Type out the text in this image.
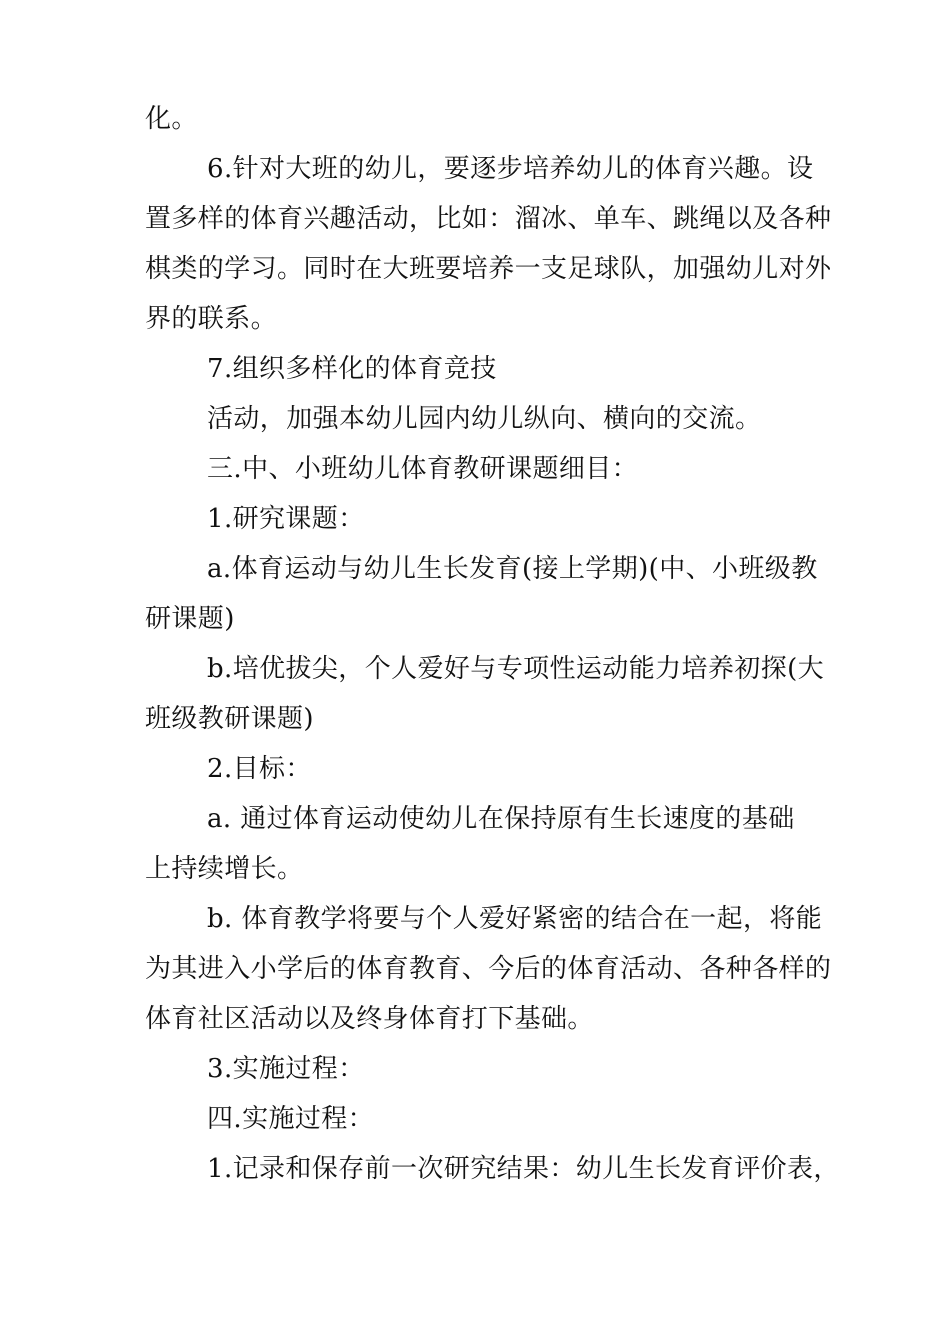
化。
6.针对大班的幼儿，要逐步培养幼儿的体育兴趣。设
置多样的体育兴趣活动，比如：溜冰、单车、跳绳以及各种
棋类的学习。同时在大班要培养一支足球队，加强幼儿对外
界的联系。
7.组织多样化的体育竞技
活动，加强本幼儿园内幼儿纵向、横向的交流。
三.中、小班幼儿体育教研课题细目：
1.研究课题：
a.体育运动与幼儿生长发育(接上学期)(中、小班级教
研课题)
b.培优拔尖，个人爱好与专项性运动能力培养初探(大
班级教研课题)
2.目标：
a. 通过体育运动使幼儿在保持原有生长速度的基础
上持续增长。
b. 体育教学将要与个人爱好紧密的结合在一起，将能
为其进入小学后的体育教育、今后的体育活动、各种各样的
体育社区活动以及终身体育打下基础。
3.实施过程：
四.实施过程：
1.记录和保存前一次研究结果：幼儿生长发育评价表，
